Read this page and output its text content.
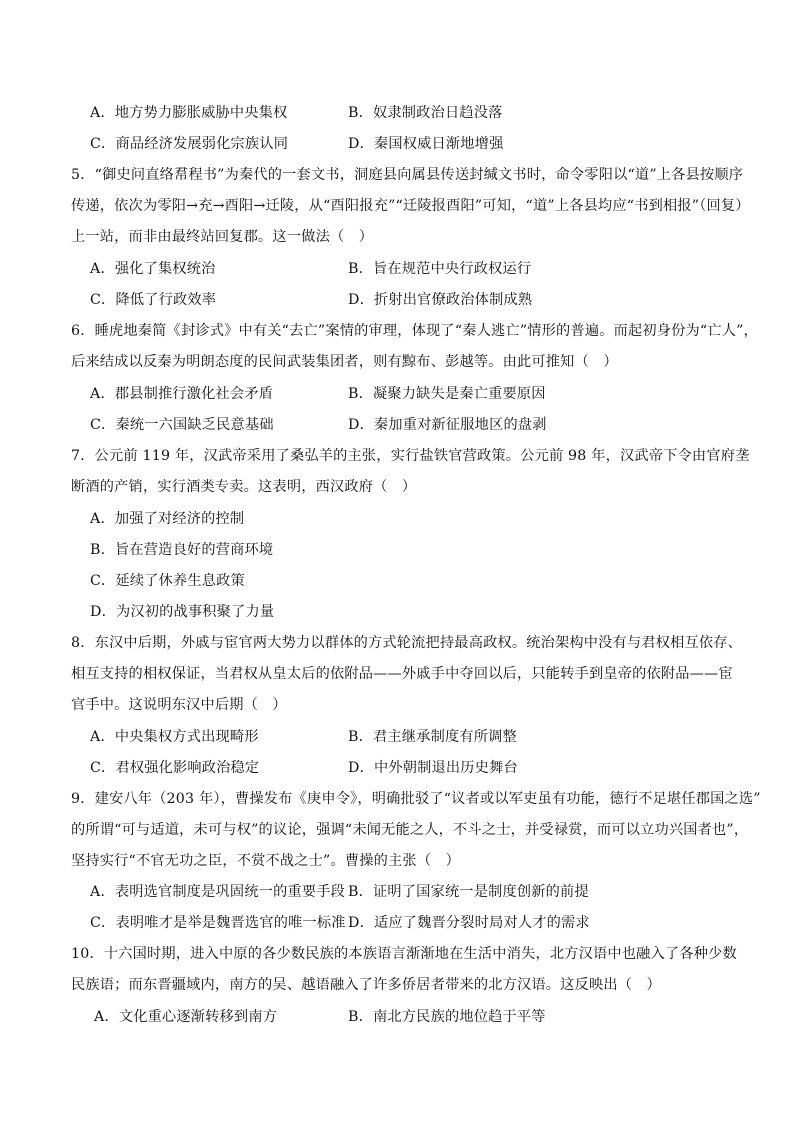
A．地方势力膨胀威胁中央集权	B．奴隶制政治日趋没落
C．商品经济发展弱化宗族认同	D．秦国权威日渐地增强
5．“御史问直络帬程书”为秦代的一套文书，洞庭县向属县传送封缄文书时，命令零阳以“道”上各县按顺序
传递，依次为零阳→充→酉阳→迁陵，从“酉阳报充”“迁陵报酉阳”可知，“道”上各县均应“书到相报”（回复）
上一站，而非由最终站回复郡。这一做法（　）
A．强化了集权统治	B．旨在规范中央行政权运行
C．降低了行政效率	D．折射出官僚政治体制成熟
6．睡虎地秦简《封诊式》中有关“去亡”案情的审理，体现了“秦人逃亡”情形的普遍。而起初身份为“亡人”，
后来结成以反秦为明朗态度的民间武装集团者，则有黥布、彭越等。由此可推知（　）
A．郡县制推行激化社会矛盾	B．凝聚力缺失是秦亡重要原因
C．秦统一六国缺乏民意基础	D．秦加重对新征服地区的盘剥
7．公元前 119 年，汉武帝采用了桑弘羊的主张，实行盐铁官营政策。公元前 98 年，汉武帝下令由官府垄
断酒的产销，实行酒类专卖。这表明，西汉政府（　）
A．加强了对经济的控制
B．旨在营造良好的营商环境
C．延续了休养生息政策
D．为汉初的战事积聚了力量
8．东汉中后期，外戚与宦官两大势力以群体的方式轮流把持最高政权。统治架构中没有与君权相互依存、
相互支持的相权保证，当君权从皇太后的依附品——外戚手中夺回以后，只能转手到皇帝的依附品——宦
官手中。这说明东汉中后期（　）
A．中央集权方式出现畸形	B．君主继承制度有所调整
C．君权强化影响政治稳定	D．中外朝制退出历史舞台
9．建安八年（203 年），曹操发布《庚申令》，明确批驳了“议者或以军吏虽有功能，德行不足堪任郡国之选”
的所谓“可与适道，未可与权”的议论，强调“未闻无能之人，不斗之士，并受禄赏，而可以立功兴国者也”，
坚持实行“不官无功之臣，不赏不战之士”。曹操的主张（　）
A．表明选官制度是巩固统一的重要手段 B．证明了国家统一是制度创新的前提
C．表明唯才是举是魏晋选官的唯一标准 D．适应了魏晋分裂时局对人才的需求
10．十六国时期，进入中原的各少数民族的本族语言渐渐地在生活中消失，北方汉语中也融入了各种少数
民族语；而东晋疆域内，南方的吴、越语融入了许多侨居者带来的北方汉语。这反映出（　）
A．文化重心逐渐转移到南方	B．南北方民族的地位趋于平等
